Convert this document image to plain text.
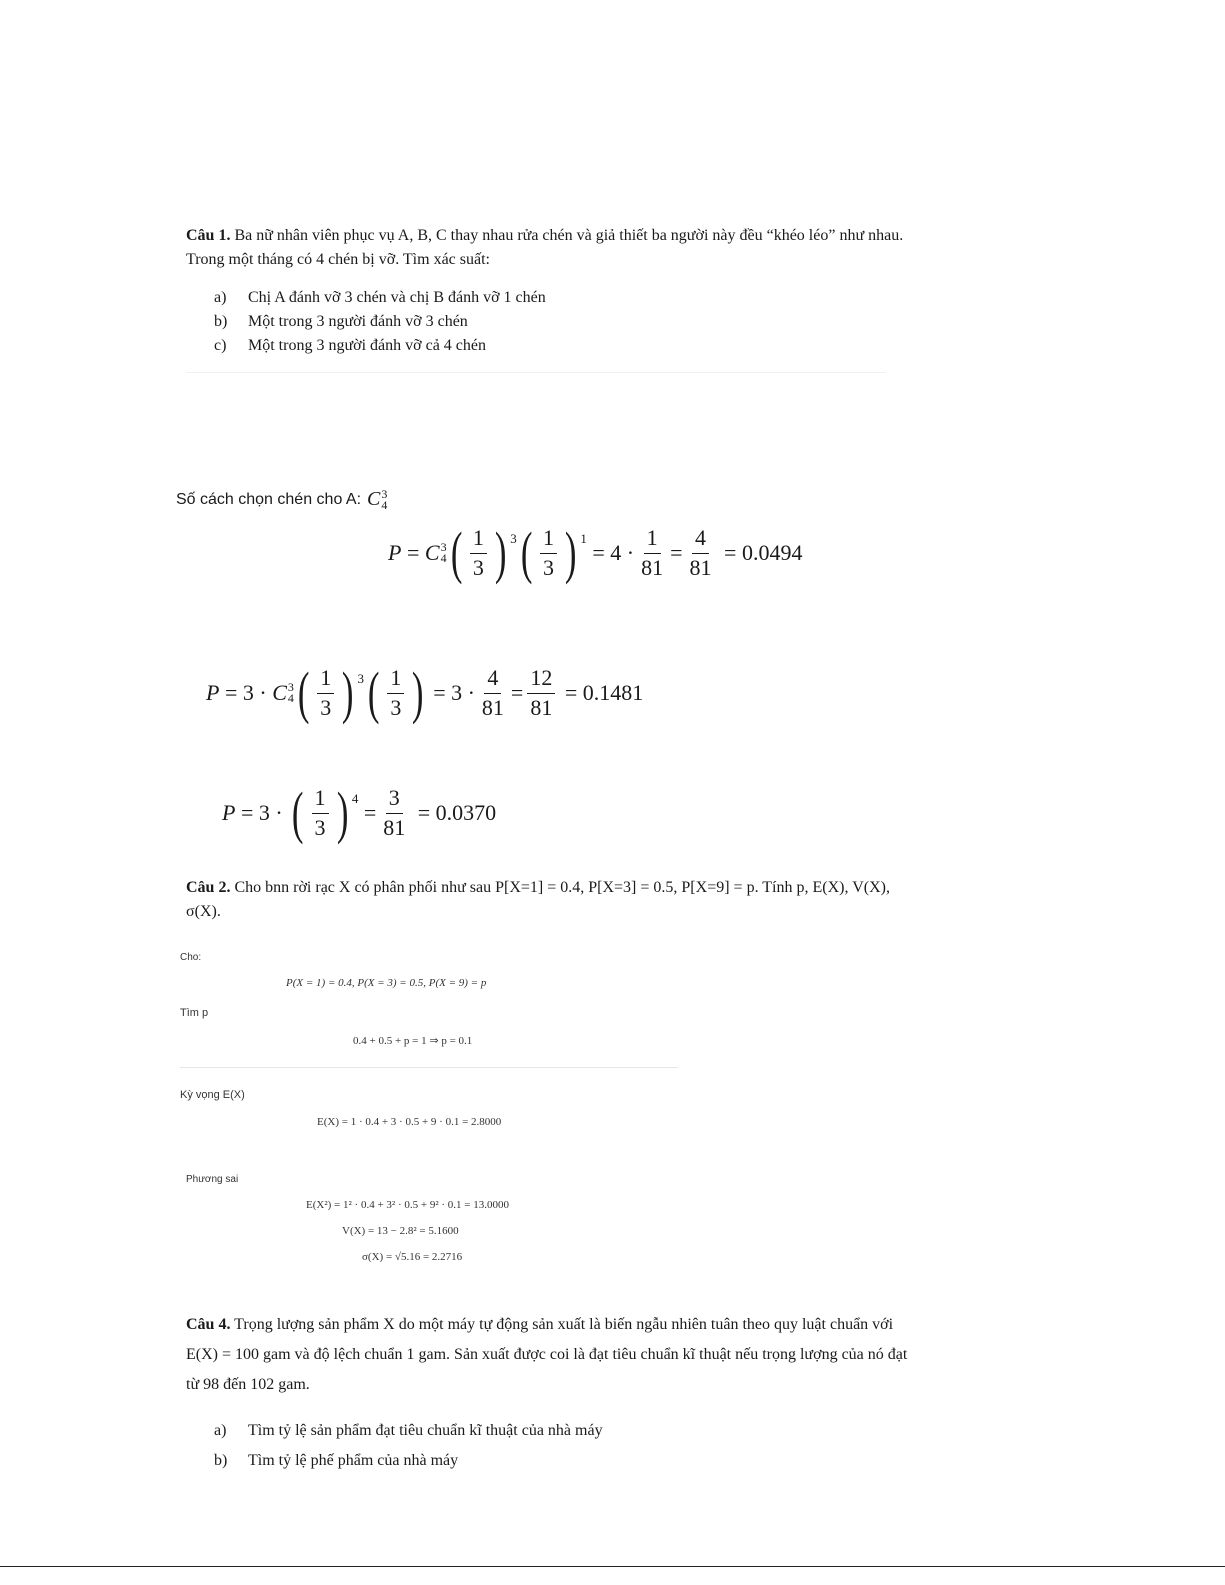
Câu 1. Ba nữ nhân viên phục vụ A, B, C thay nhau rửa chén và giả thiết ba người này đều “khéo léo” như nhau. Trong một tháng có 4 chén bị vỡ. Tìm xác suất:
a) Chị A đánh vỡ 3 chén và chị B đánh vỡ 1 chén
b) Một trong 3 người đánh vỡ 3 chén
c) Một trong 3 người đánh vỡ cả 4 chén
Số cách chọn chén cho A: C 3
4
P = C 3
4 ( $\frac{1}{3}$ ) 3 ( $\frac{1}{3}$ ) 1
= $4 \cdot \frac{1}{81} = \frac{4}{81}$
= 0.0494
P = 3 · C 3
4 ( $\frac{1}{3}$ ) 3 ( $\frac{1}{3}$ ) = $3 \cdot \frac{4}{81} = \frac{12}{81}$
= 0.1481
P = 3 · ( $\frac{1}{3}$ ) 4
= $\frac{3}{81}$
= 0.0370
Câu 2. Cho bnn rời rạc X có phân phối như sau P[X=1] = 0.4, P[X=3] = 0.5, P[X=9] = p. Tính p, E(X), V(X), σ(X).
Cho:
P(X = 1) = 0.4, P(X = 3) = 0.5, P(X = 9) = p
Tìm p
0.4 + 0.5 + p = 1 ⇒ p = 0.1
Kỳ vọng E(X)
E(X) = 1 · 0.4 + 3 · 0.5 + 9 · 0.1 = 2.8000
Phương sai
E(X²) = 1² · 0.4 + 3² · 0.5 + 9² · 0.1 = 13.0000
V(X) = 13 − 2.8² = 5.1600
σ(X) = √5.16 = 2.2716
Câu 4. Trọng lượng sản phẩm X do một máy tự động sản xuất là biến ngẫu nhiên tuân theo quy luật chuẩn với E(X) = 100 gam và độ lệch chuẩn 1 gam. Sản xuất được coi là đạt tiêu chuẩn kĩ thuật nếu trọng lượng của nó đạt từ 98 đến 102 gam.
a) Tìm tỷ lệ sản phẩm đạt tiêu chuẩn kĩ thuật của nhà máy
b) Tìm tỷ lệ phế phẩm của nhà máy
